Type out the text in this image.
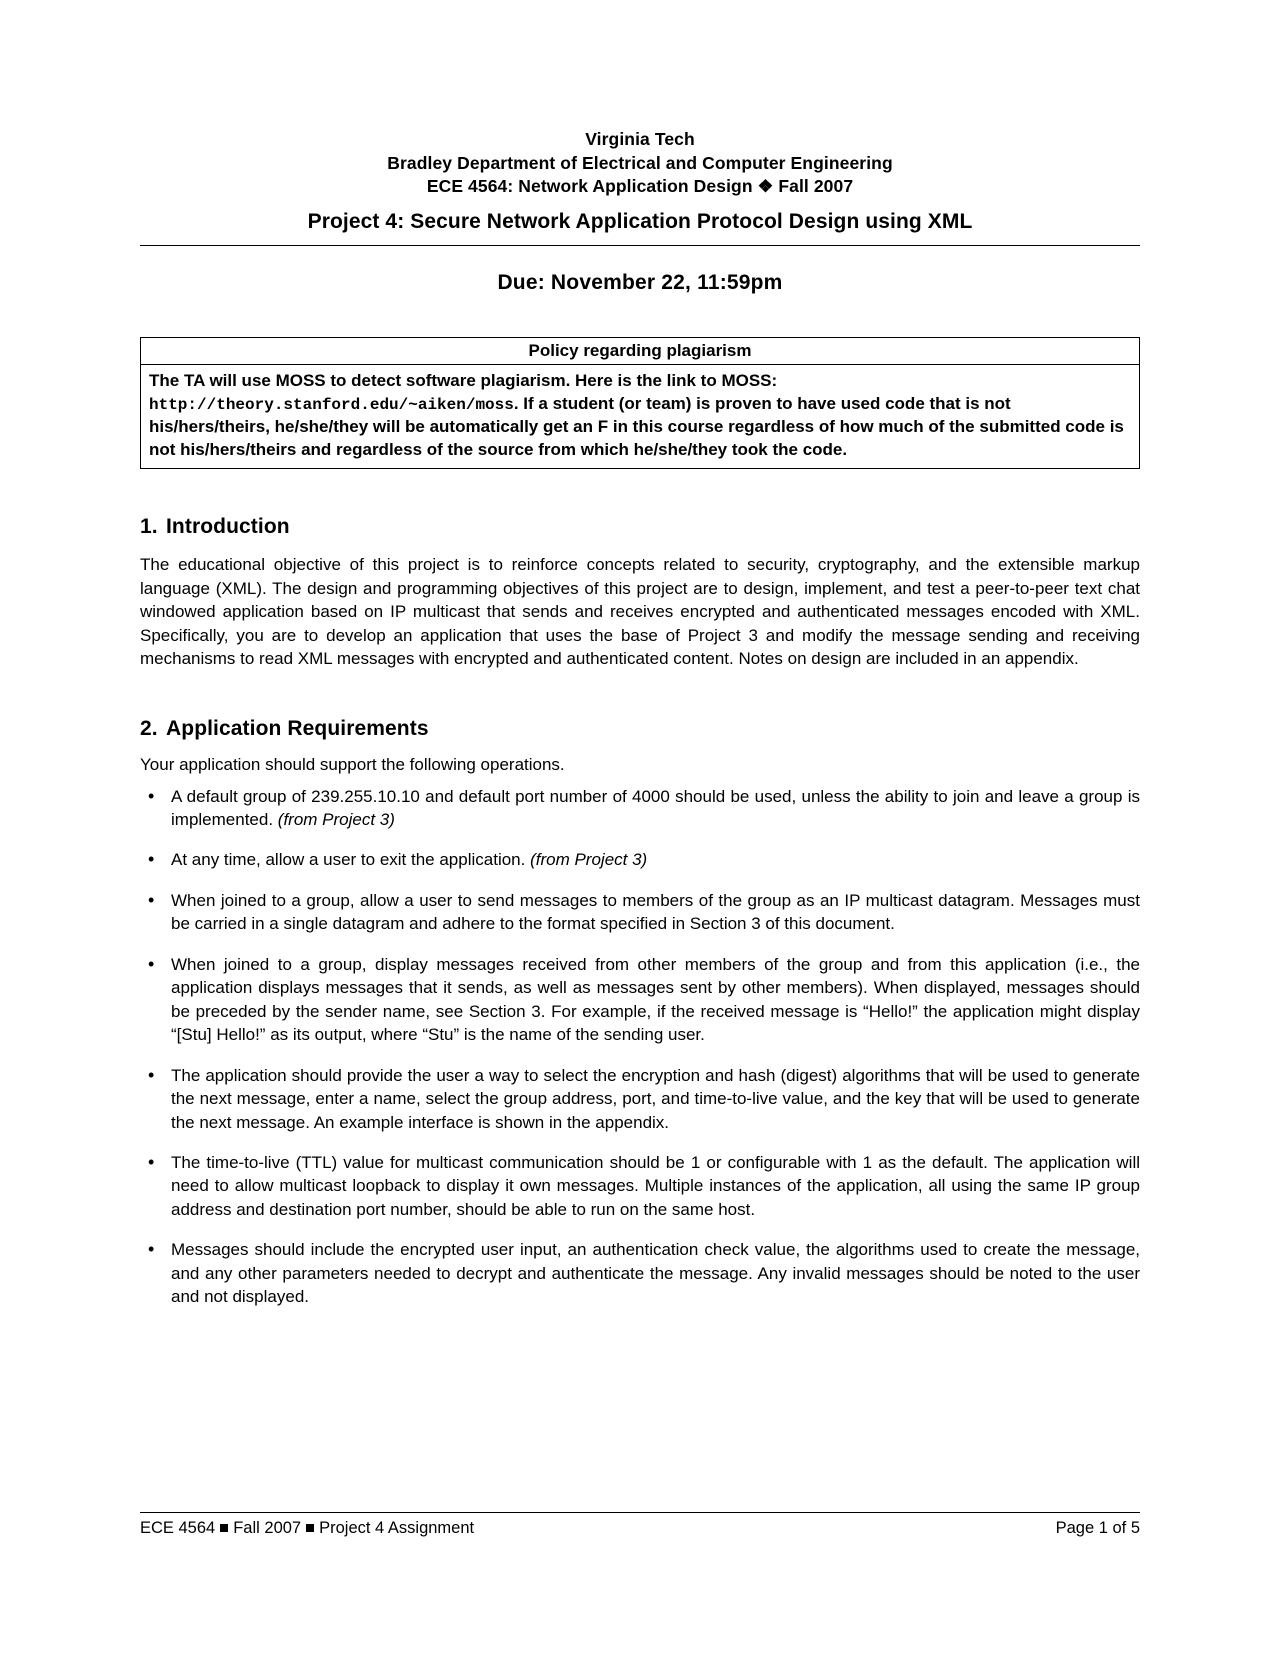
Virginia Tech
Bradley Department of Electrical and Computer Engineering
ECE 4564: Network Application Design ❖ Fall 2007
Project 4: Secure Network Application Protocol Design using XML
Due: November 22, 11:59pm
Policy regarding plagiarism
The TA will use MOSS to detect software plagiarism. Here is the link to MOSS: http://theory.stanford.edu/~aiken/moss. If a student (or team) is proven to have used code that is not his/hers/theirs, he/she/they will be automatically get an F in this course regardless of how much of the submitted code is not his/hers/theirs and regardless of the source from which he/she/they took the code.
1. Introduction

The educational objective of this project is to reinforce concepts related to security, cryptography, and the extensible markup language (XML). The design and programming objectives of this project are to design, implement, and test a peer-to-peer text chat windowed application based on IP multicast that sends and receives encrypted and authenticated messages encoded with XML. Specifically, you are to develop an application that uses the base of Project 3 and modify the message sending and receiving mechanisms to read XML messages with encrypted and authenticated content. Notes on design are included in an appendix.

2. Application Requirements

Your application should support the following operations.

• A default group of 239.255.10.10 and default port number of 4000 should be used, unless the ability to join and leave a group is implemented. (from Project 3)
• At any time, allow a user to exit the application. (from Project 3)
• When joined to a group, allow a user to send messages to members of the group as an IP multicast datagram. Messages must be carried in a single datagram and adhere to the format specified in Section 3 of this document.
• When joined to a group, display messages received from other members of the group and from this application (i.e., the application displays messages that it sends, as well as messages sent by other members). When displayed, messages should be preceded by the sender name, see Section 3. For example, if the received message is “Hello!” the application might display “[Stu] Hello!” as its output, where “Stu” is the name of the sending user.
• The application should provide the user a way to select the encryption and hash (digest) algorithms that will be used to generate the next message, enter a name, select the group address, port, and time-to-live value, and the key that will be used to generate the next message. An example interface is shown in the appendix.
• The time-to-live (TTL) value for multicast communication should be 1 or configurable with 1 as the default. The application will need to allow multicast loopback to display it own messages. Multiple instances of the application, all using the same IP group address and destination port number, should be able to run on the same host.
• Messages should include the encrypted user input, an authentication check value, the algorithms used to create the message, and any other parameters needed to decrypt and authenticate the message. Any invalid messages should be noted to the user and not displayed.
ECE 4564 Fall 2007 Project 4 Assignment	Page 1 of 5
